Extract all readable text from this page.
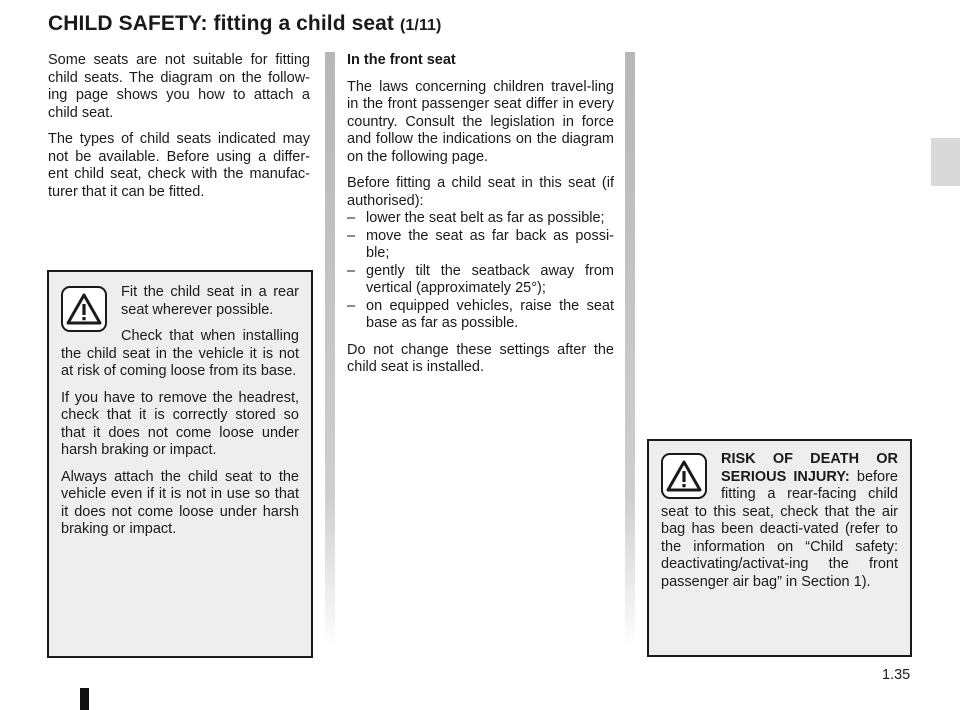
CHILD SAFETY: fitting a child seat (1/11)

Some seats are not suitable for fitting child seats. The diagram on the follow-ing page shows you how to attach a child seat.

The types of child seats indicated may not be available. Before using a differ-ent child seat, check with the manufac-turer that it can be fitted.

Fit the child seat in a rear seat wherever possible.

Check that when installing the child seat in the vehicle it is not at risk of coming loose from its base.

If you have to remove the headrest, check that it is correctly stored so that it does not come loose under harsh braking or impact.

Always attach the child seat to the vehicle even if it is not in use so that it does not come loose under harsh braking or impact.

In the front seat

The laws concerning children travel-ling in the front passenger seat differ in every country. Consult the legislation in force and follow the indications on the diagram on the following page.

Before fitting a child seat in this seat (if authorised):

– lower the seat belt as far as possible;
– move the seat as far back as possi-ble;
– gently tilt the seatback away from vertical (approximately 25°);
– on equipped vehicles, raise the seat base as far as possible.

Do not change these settings after the child seat is installed.

RISK OF DEATH OR SERIOUS INJURY: before fitting a rear-facing child seat to this seat, check that the air bag has been deacti-vated (refer to the information on “Child safety: deactivating/activat-ing the front passenger air bag” in Section 1).

1.35
